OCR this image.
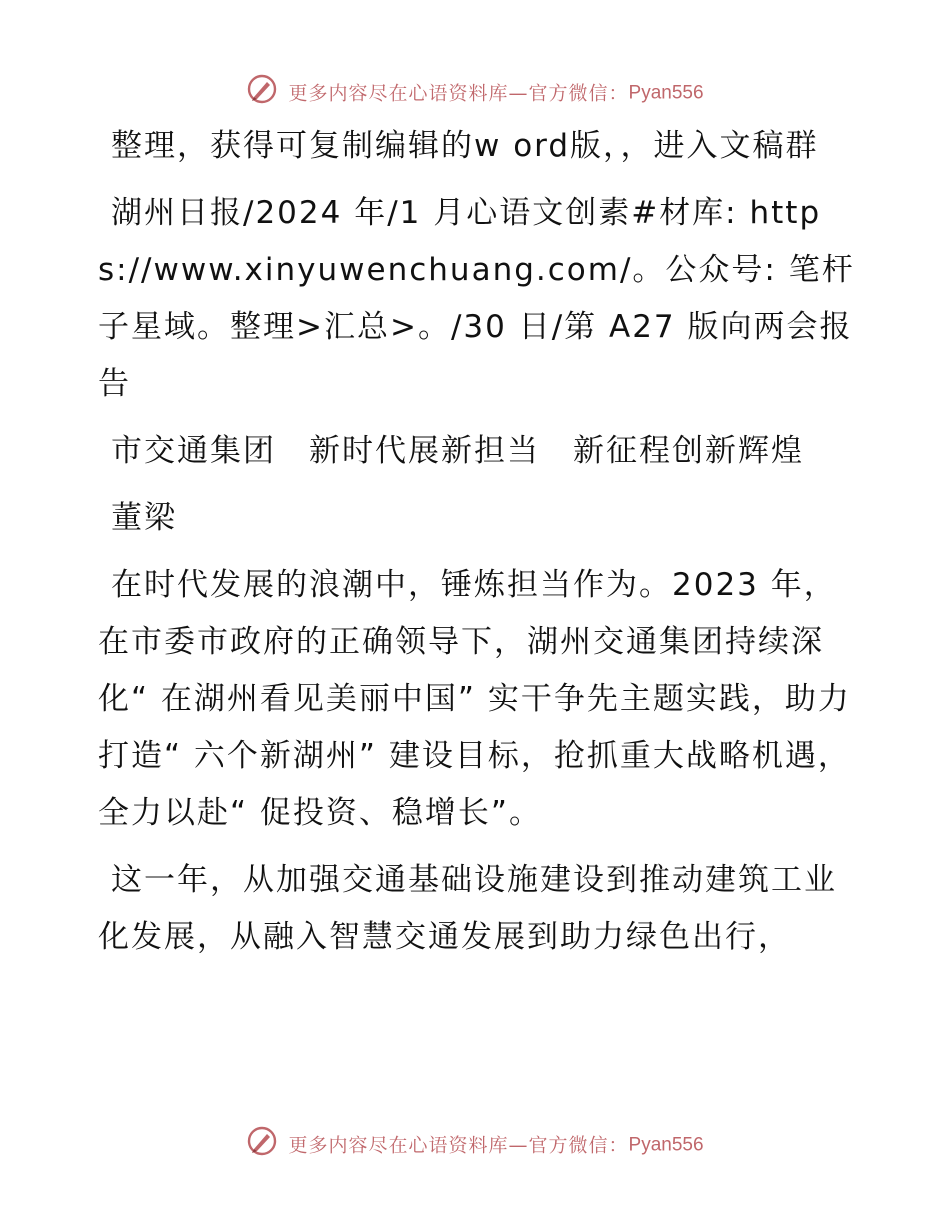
更多内容尽在心语资料库—官方微信：Pyan556

整理，获得可复制编辑的w ord版，，进入文稿群

湖州日报/2024 年/1 月心语文创素#材库: https://www.xinyuwenchuang.com/。公众号: 笔杆子星域。整理>汇总>。/30 日/第 A27 版向两会报告

市交通集团　新时代展新担当　新征程创新辉煌

董梁

在时代发展的浪潮中，锤炼担当作为。2023 年，在市委市政府的正确领导下，湖州交通集团持续深化“ 在湖州看见美丽中国” 实干争先主题实践，助力打造“ 六个新湖州” 建设目标，抢抓重大战略机遇，全力以赴“ 促投资、稳增长”。

这一年，从加强交通基础设施建设到推动建筑工业化发展，从融入智慧交通发展到助力绿色出行，

更多内容尽在心语资料库—官方微信：Pyan556
